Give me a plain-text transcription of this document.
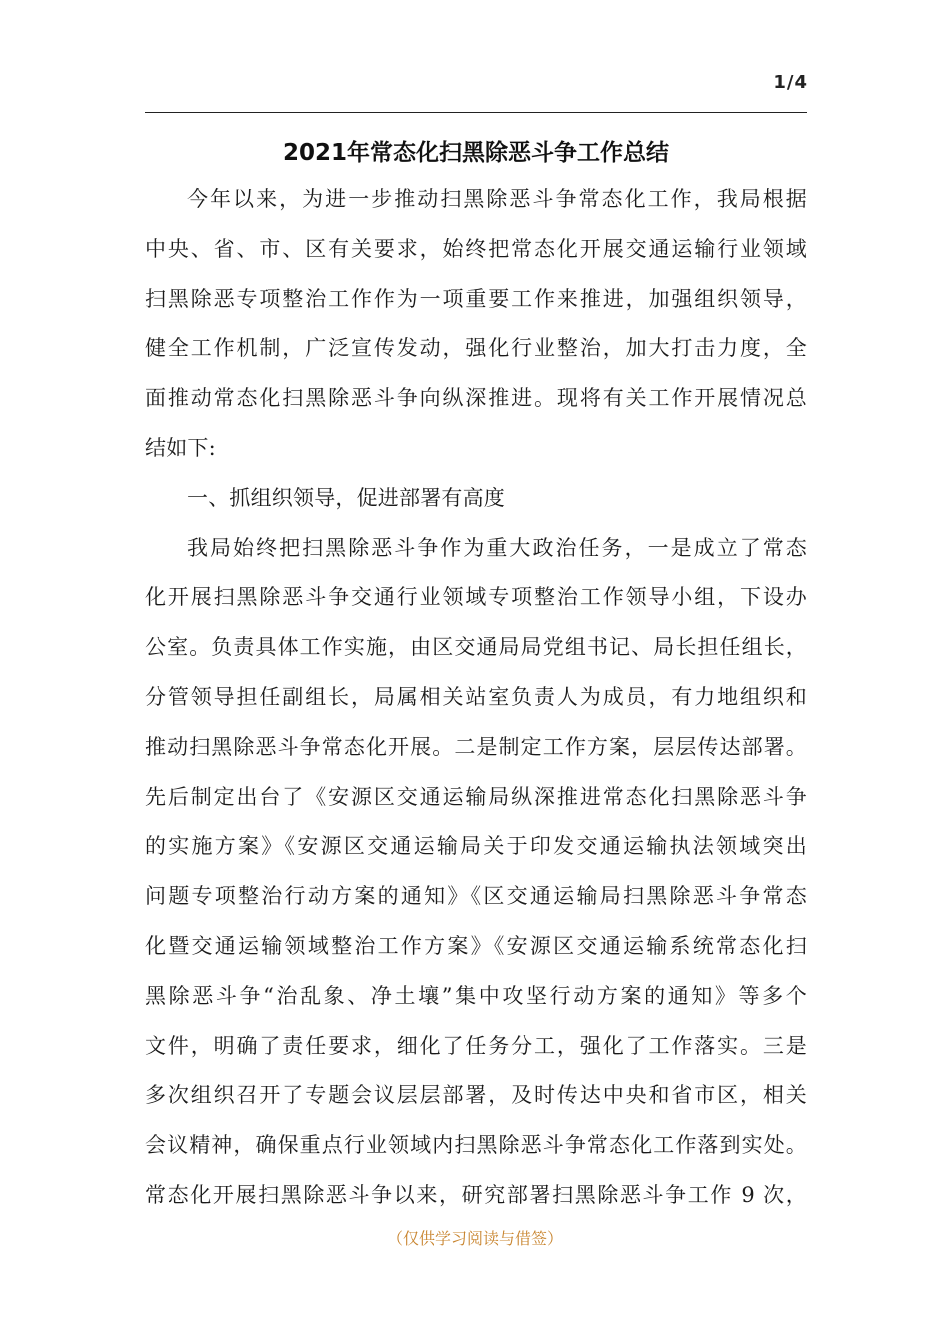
1/4
2021年常态化扫黑除恶斗争工作总结
今年以来，为进一步推动扫黑除恶斗争常态化工作，我局根据
中央、省、市、区有关要求，始终把常态化开展交通运输行业领域
扫黑除恶专项整治工作作为一项重要工作来推进，加强组织领导，
健全工作机制，广泛宣传发动，强化行业整治，加大打击力度，全
面推动常态化扫黑除恶斗争向纵深推进。现将有关工作开展情况总
结如下:
一、抓组织领导，促进部署有高度
我局始终把扫黑除恶斗争作为重大政治任务，一是成立了常态
化开展扫黑除恶斗争交通行业领域专项整治工作领导小组，下设办
公室。负责具体工作实施，由区交通局局党组书记、局长担任组长，
分管领导担任副组长，局属相关站室负责人为成员，有力地组织和
推动扫黑除恶斗争常态化开展。二是制定工作方案，层层传达部署。
先后制定出台了《安源区交通运输局纵深推进常态化扫黑除恶斗争
的实施方案》《安源区交通运输局关于印发交通运输执法领域突出
问题专项整治行动方案的通知》《区交通运输局扫黑除恶斗争常态
化暨交通运输领域整治工作方案》《安源区交通运输系统常态化扫
黑除恶斗争“治乱象、净土壤”集中攻坚行动方案的通知》等多个
文件，明确了责任要求，细化了任务分工，强化了工作落实。三是
多次组织召开了专题会议层层部署，及时传达中央和省市区，相关
会议精神，确保重点行业领域内扫黑除恶斗争常态化工作落到实处。
常态化开展扫黑除恶斗争以来，研究部署扫黑除恶斗争工作 9 次，
（仅供学习阅读与借签）
